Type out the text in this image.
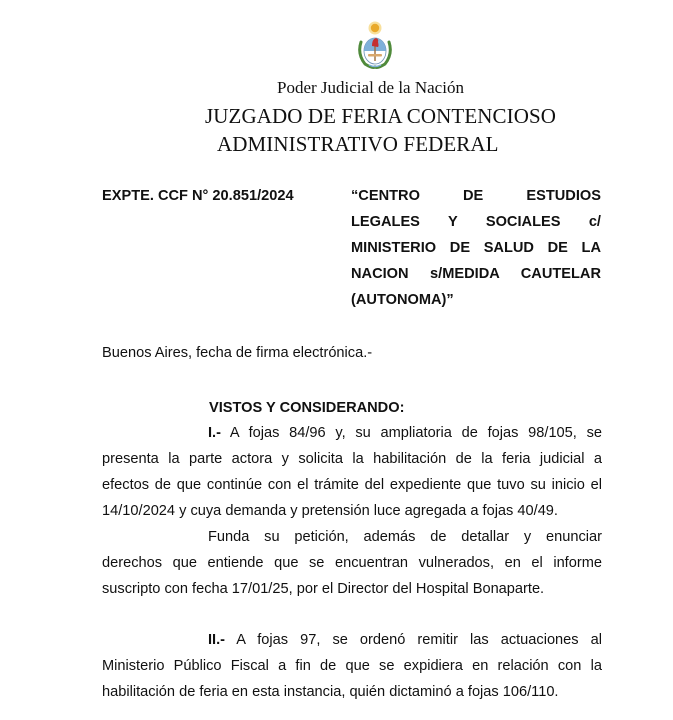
Poder Judicial de la Nación
JUZGADO DE FERIA CONTENCIOSO
ADMINISTRATIVO FEDERAL
EXPTE. CCF N° 20.851/2024	“CENTRO DE ESTUDIOS
LEGALES Y SOCIALES c/
MINISTERIO DE SALUD DE LA
NACION s/MEDIDA CAUTELAR
(AUTONOMA)”
Buenos Aires, fecha de firma electrónica.-
VISTOS Y CONSIDERANDO:
I.- A fojas 84/96 y, su ampliatoria de fojas 98/105, se
presenta la parte actora y solicita la habilitación de la feria judicial a
efectos de que continúe con el trámite del expediente que tuvo su inicio el
14/10/2024 y cuya demanda y pretensión luce agregada a fojas 40/49.
Funda su petición, además de detallar y enunciar
derechos que entiende que se encuentran vulnerados, en el informe
suscripto con fecha 17/01/25, por el Director del Hospital Bonaparte.
II.- A fojas 97, se ordenó remitir las actuaciones al
Ministerio Público Fiscal a fin de que se expidiera en relación con la
habilitación de feria en esta instancia, quién dictaminó a fojas 106/110.
